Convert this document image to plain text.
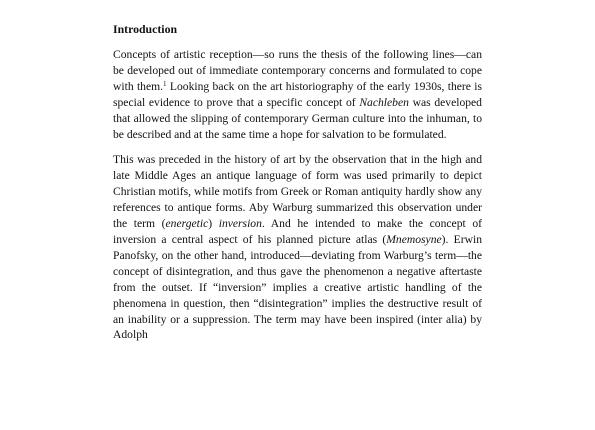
Introduction

Concepts of artistic reception—so runs the thesis of the following lines—can be developed out of immediate contemporary concerns and formulated to cope with them.$^1$ Looking back on the art historiography of the early 1930s, there is special evidence to prove that a specific concept of Nachleben was developed that allowed the slipping of contemporary German culture into the inhuman, to be described and at the same time a hope for salvation to be formulated.

This was preceded in the history of art by the observation that in the high and late Middle Ages an antique language of form was used primarily to depict Christian motifs, while motifs from Greek or Roman antiquity hardly show any references to antique forms. Aby Warburg summarized this observation under the term (energetic) inversion. And he intended to make the concept of inversion a central aspect of his planned picture atlas (Mnemosyne). Erwin Panofsky, on the other hand, introduced—deviating from Warburg’s term—the concept of disintegration, and thus gave the phenomenon a negative aftertaste from the outset. If “inversion” implies a creative artistic handling of the phenomena in question, then “disintegration” implies the destructive result of an inability or a suppression. The term may have been inspired (inter alia) by Adolph
